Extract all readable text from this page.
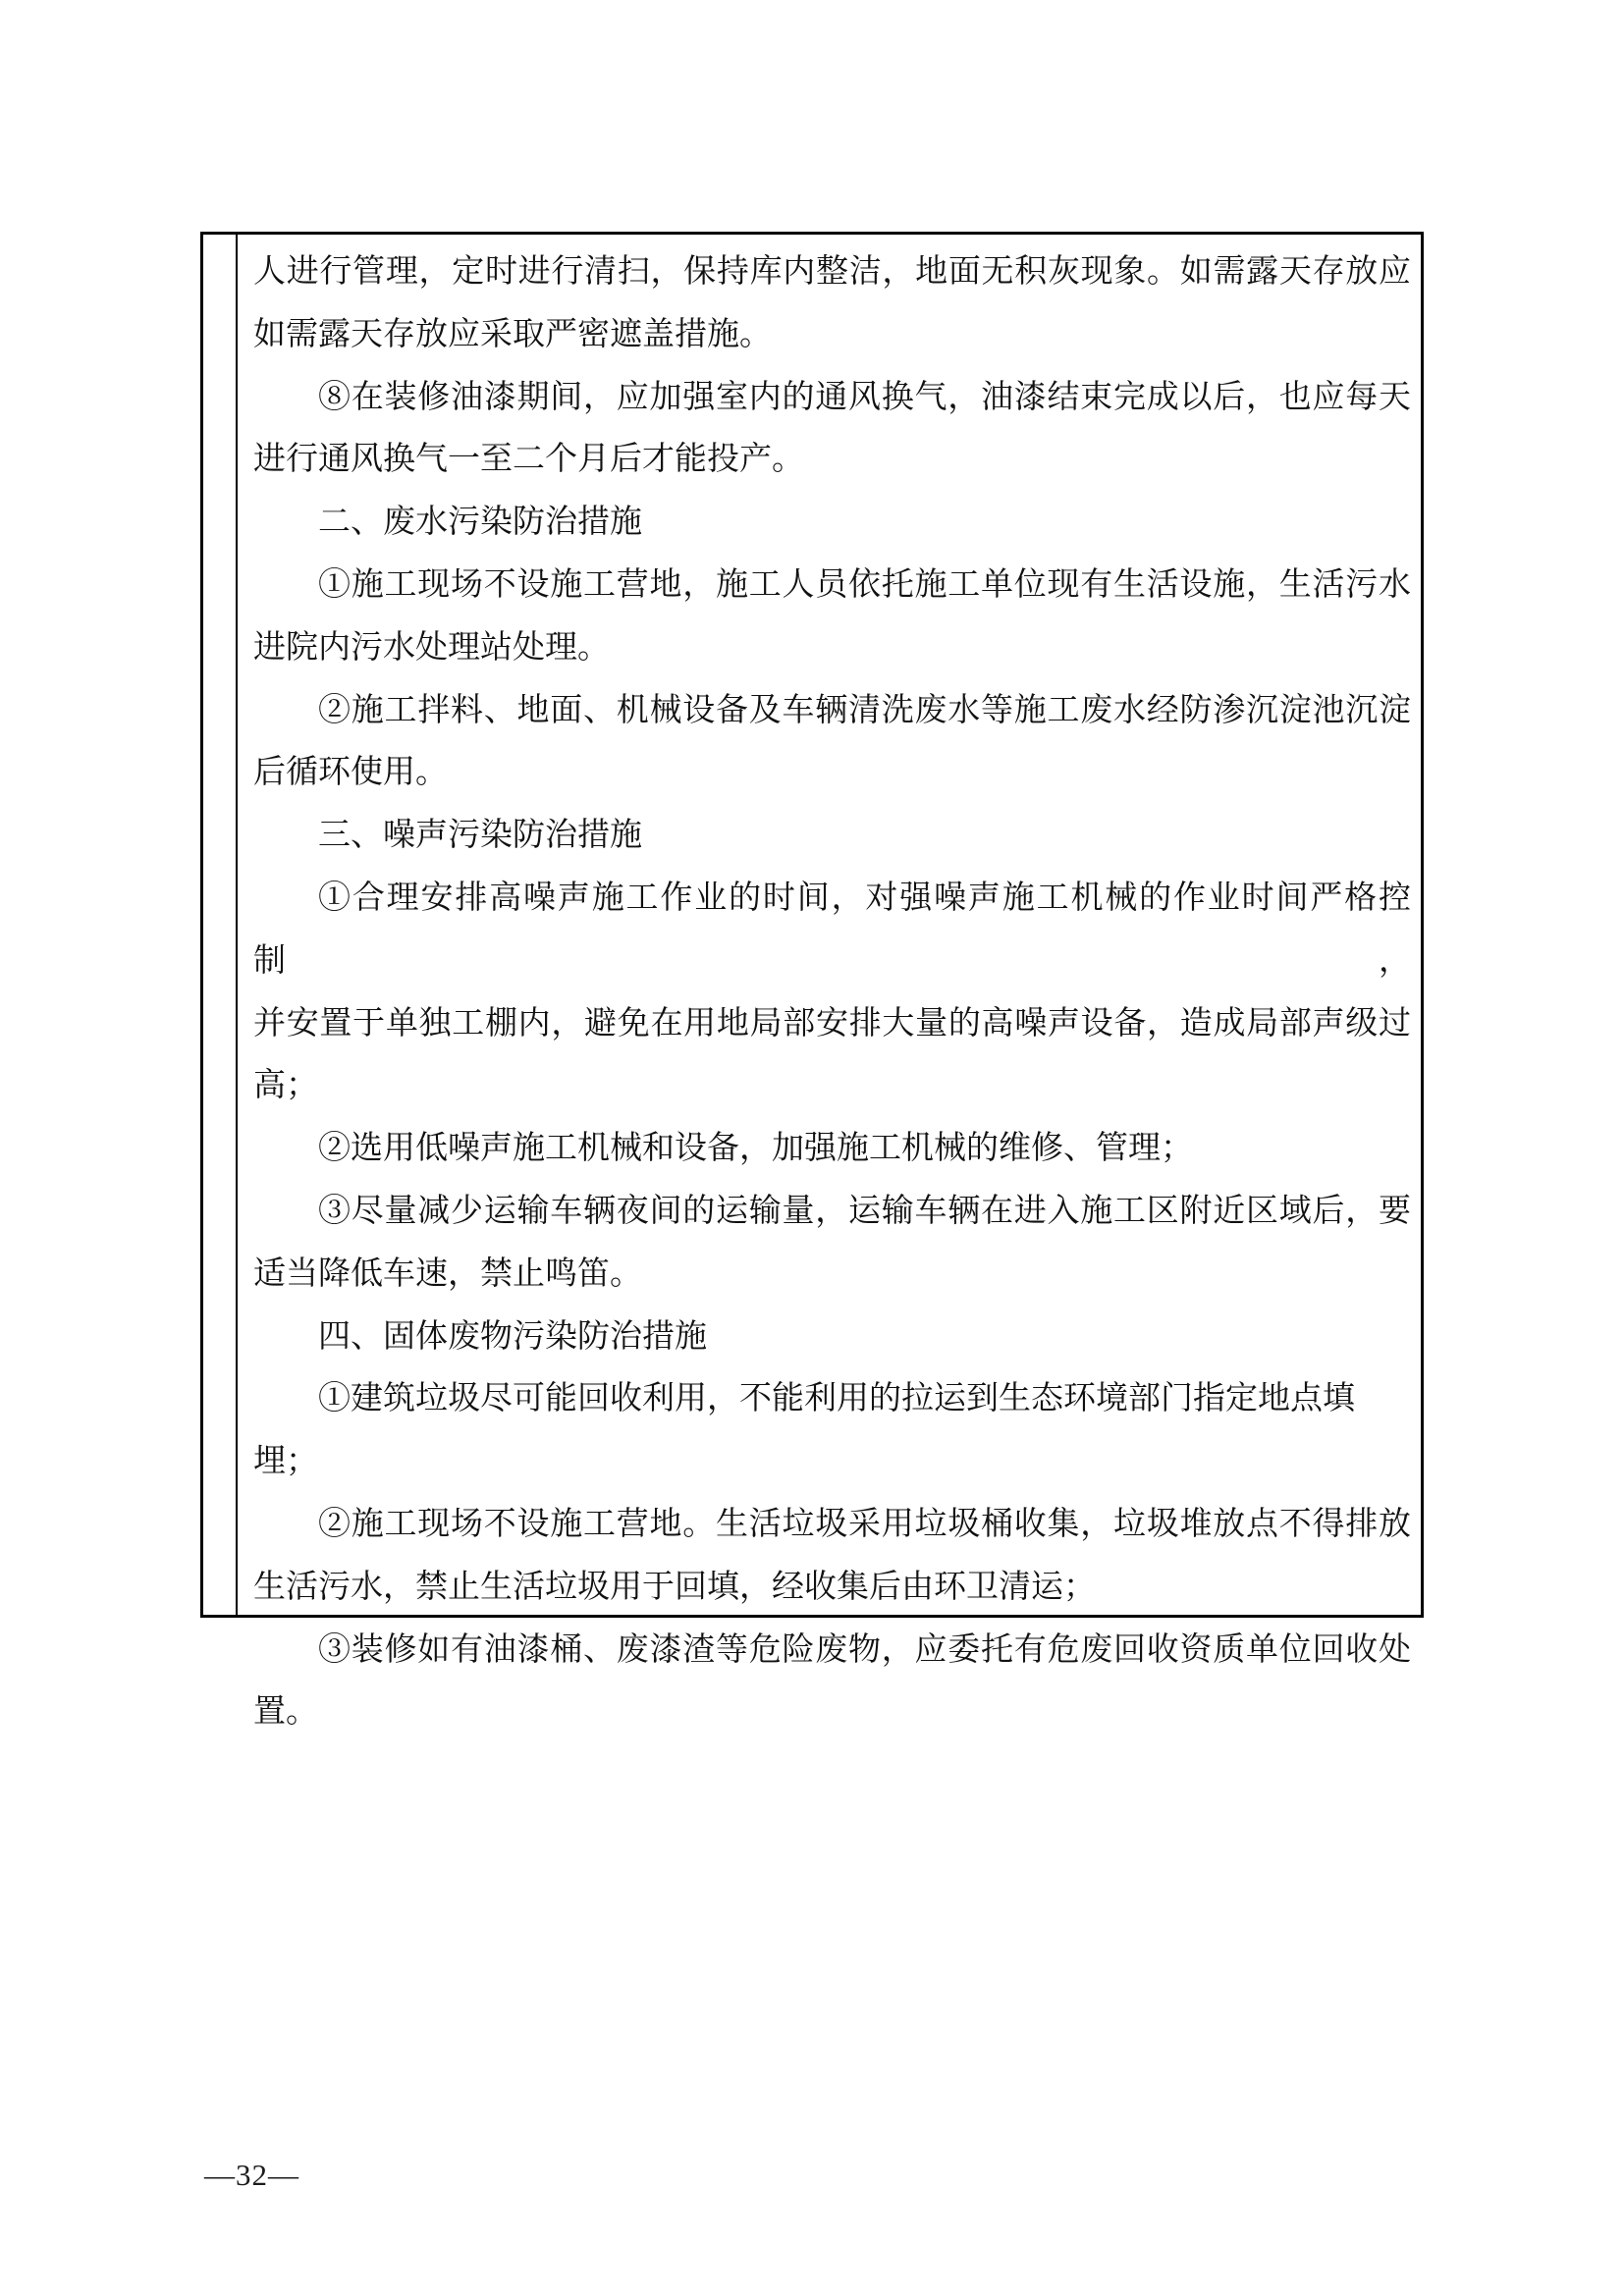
人进行管理，定时进行清扫，保持库内整洁，地面无积灰现象。如需露天存放应
如需露天存放应采取严密遮盖措施。
⑧在装修油漆期间，应加强室内的通风换气，油漆结束完成以后，也应每天
进行通风换气一至二个月后才能投产。
二、废水污染防治措施
①施工现场不设施工营地，施工人员依托施工单位现有生活设施，生活污水
进院内污水处理站处理。
②施工拌料、地面、机械设备及车辆清洗废水等施工废水经防渗沉淀池沉淀
后循环使用。
三、噪声污染防治措施
①合理安排高噪声施工作业的时间，对强噪声施工机械的作业时间严格控制，
并安置于单独工棚内，避免在用地局部安排大量的高噪声设备，造成局部声级过
高；
②选用低噪声施工机械和设备，加强施工机械的维修、管理；
③尽量减少运输车辆夜间的运输量，运输车辆在进入施工区附近区域后，要
适当降低车速，禁止鸣笛。
四、固体废物污染防治措施
①建筑垃圾尽可能回收利用，不能利用的拉运到生态环境部门指定地点填埋；
②施工现场不设施工营地。生活垃圾采用垃圾桶收集，垃圾堆放点不得排放
生活污水，禁止生活垃圾用于回填，经收集后由环卫清运；
③装修如有油漆桶、废漆渣等危险废物，应委托有危废回收资质单位回收处
置。
—32—
